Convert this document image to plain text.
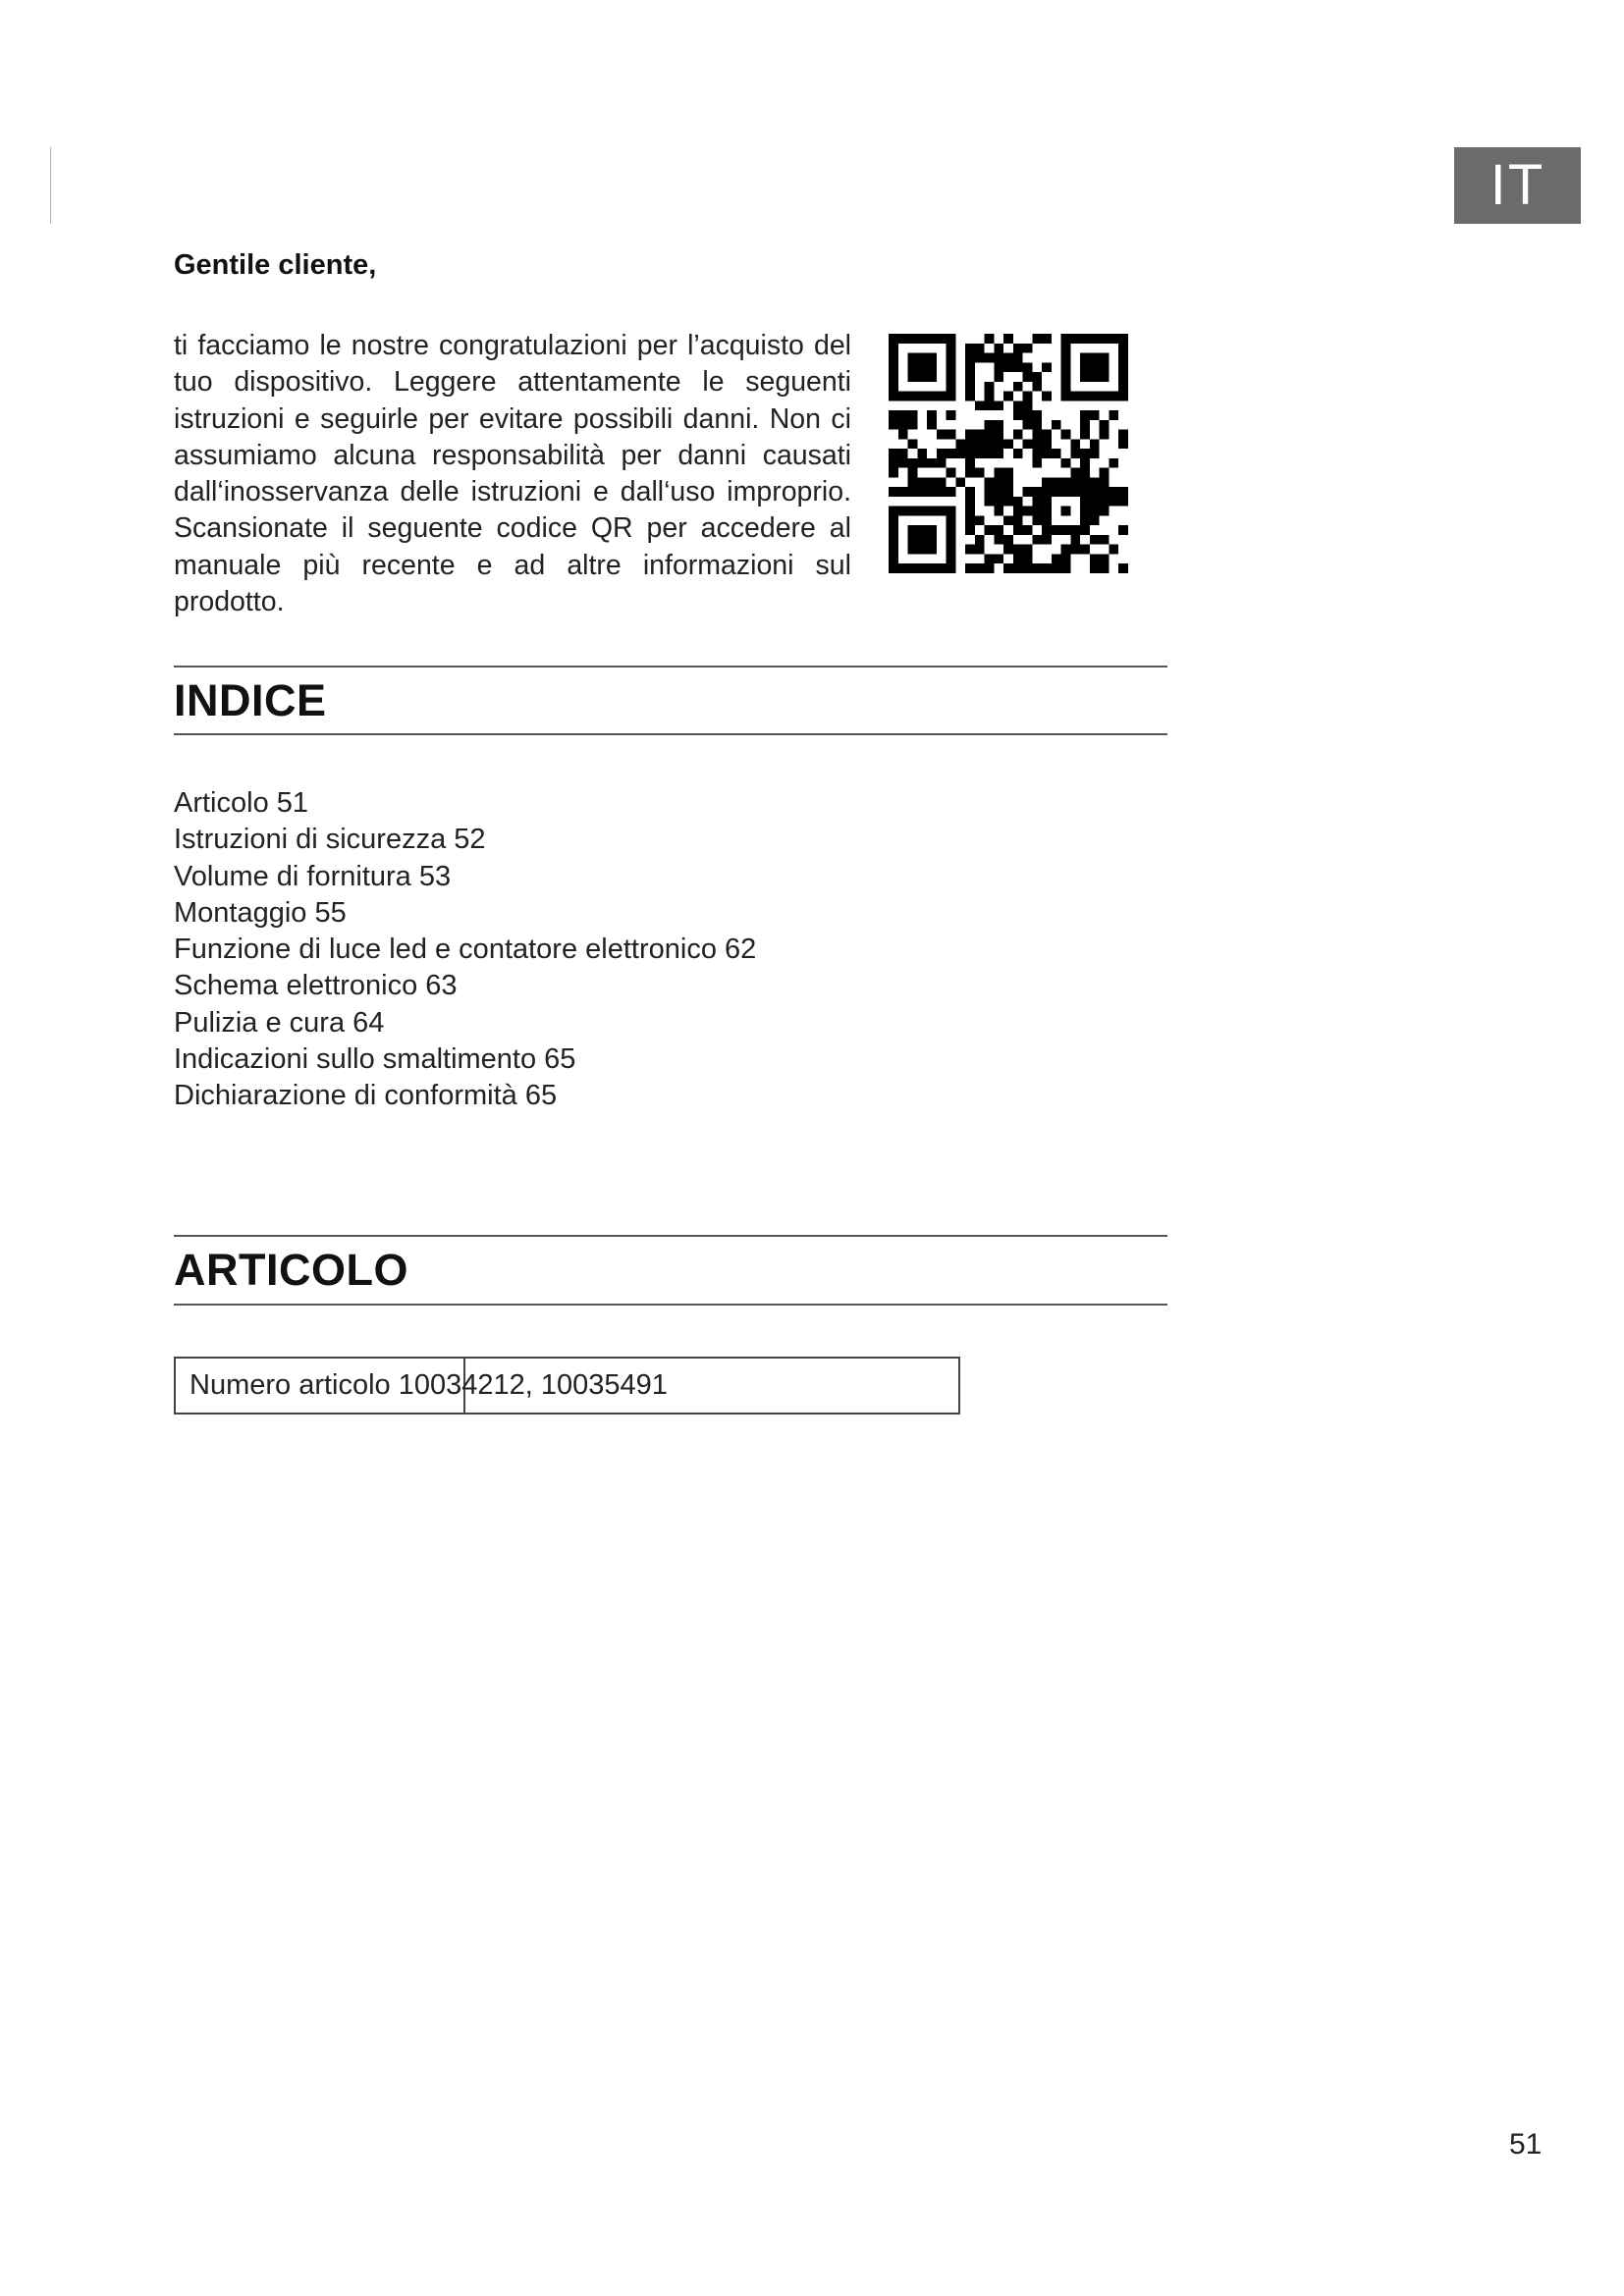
IT
Gentile cliente,
ti facciamo le nostre congratulazioni per l’acquisto del tuo dispositivo. Leggere attentamente le seguenti istruzioni e seguirle per evitare possibili danni. Non ci assumiamo alcuna responsabilità per danni causati dall‘inosservanza delle istruzioni e dall‘uso improprio. Scansionate il seguente codice QR per accedere al manuale più recente e ad altre informazioni sul prodotto.
INDICE
Articolo 51
Istruzioni di sicurezza 52
Volume di fornitura 53
Montaggio 55
Funzione di luce led e contatore elettronico 62
Schema elettronico 63
Pulizia e cura 64
Indicazioni sullo smaltimento 65
Dichiarazione di conformità 65
ARTICOLO
Numero articolo 10034212, 10035491
51
